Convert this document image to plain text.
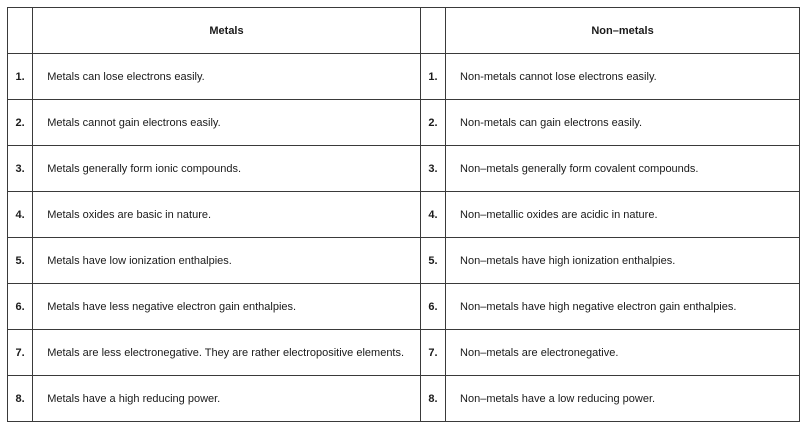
	Metals		Non–metals
1.	Metals can lose electrons easily.	1.	Non-metals cannot lose electrons easily.
2.	Metals cannot gain electrons easily.	2.	Non-metals can gain electrons easily.
3.	Metals generally form ionic compounds.	3.	Non–metals generally form covalent compounds.
4.	Metals oxides are basic in nature.	4.	Non–metallic oxides are acidic in nature.
5.	Metals have low ionization enthalpies.	5.	Non–metals have high ionization enthalpies.
6.	Metals have less negative electron gain enthalpies.	6.	Non–metals have high negative electron gain enthalpies.
7.	Metals are less electronegative. They are rather electropositive elements.	7.	Non–metals are electronegative.
8.	Metals have a high reducing power.	8.	Non–metals have a low reducing power.
